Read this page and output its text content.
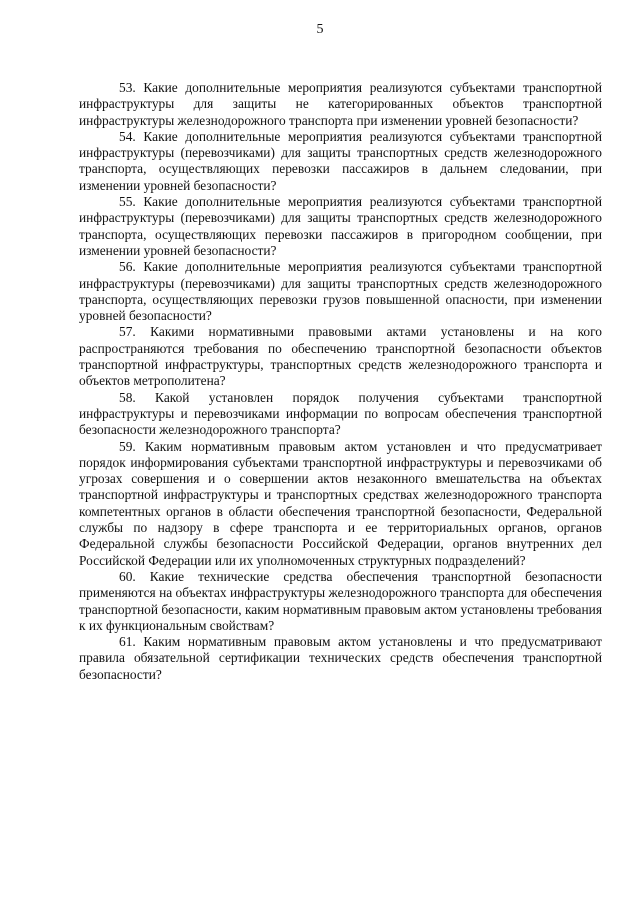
5

53. Какие дополнительные мероприятия реализуются субъектами транспортной инфраструктуры для защиты не категорированных объектов транспортной инфраструктуры железнодорожного транспорта при изменении уровней безопасности?

54. Какие дополнительные мероприятия реализуются субъектами транспортной инфраструктуры (перевозчиками) для защиты транспортных средств железнодорожного транспорта, осуществляющих перевозки пассажиров в дальнем следовании, при изменении уровней безопасности?

55. Какие дополнительные мероприятия реализуются субъектами транспортной инфраструктуры (перевозчиками) для защиты транспортных средств железнодорожного транспорта, осуществляющих перевозки пассажиров в пригородном сообщении, при изменении уровней безопасности?

56. Какие дополнительные мероприятия реализуются субъектами транспортной инфраструктуры (перевозчиками) для защиты транспортных средств железнодорожного транспорта, осуществляющих перевозки грузов повышенной опасности, при изменении уровней безопасности?

57. Какими нормативными правовыми актами установлены и на кого распространяются требования по обеспечению транспортной безопасности объектов транспортной инфраструктуры, транспортных средств железнодорожного транспорта и объектов метрополитена?

58. Какой установлен порядок получения субъектами транспортной инфраструктуры и перевозчиками информации по вопросам обеспечения транспортной безопасности железнодорожного транспорта?

59. Каким нормативным правовым актом установлен и что предусматривает порядок информирования субъектами транспортной инфраструктуры и перевозчиками об угрозах совершения и о совершении актов незаконного вмешательства на объектах транспортной инфраструктуры и транспортных средствах железнодорожного транспорта компетентных органов в области обеспечения транспортной безопасности, Федеральной службы по надзору в сфере транспорта и ее территориальных органов, органов Федеральной службы безопасности Российской Федерации, органов внутренних дел Российской Федерации или их уполномоченных структурных подразделений?

60. Какие технические средства обеспечения транспортной безопасности применяются на объектах инфраструктуры железнодорожного транспорта для обеспечения транспортной безопасности, каким нормативным правовым актом установлены требования к их функциональным свойствам?

61. Каким нормативным правовым актом установлены и что предусматривают правила обязательной сертификации технических средств обеспечения транспортной безопасности?
